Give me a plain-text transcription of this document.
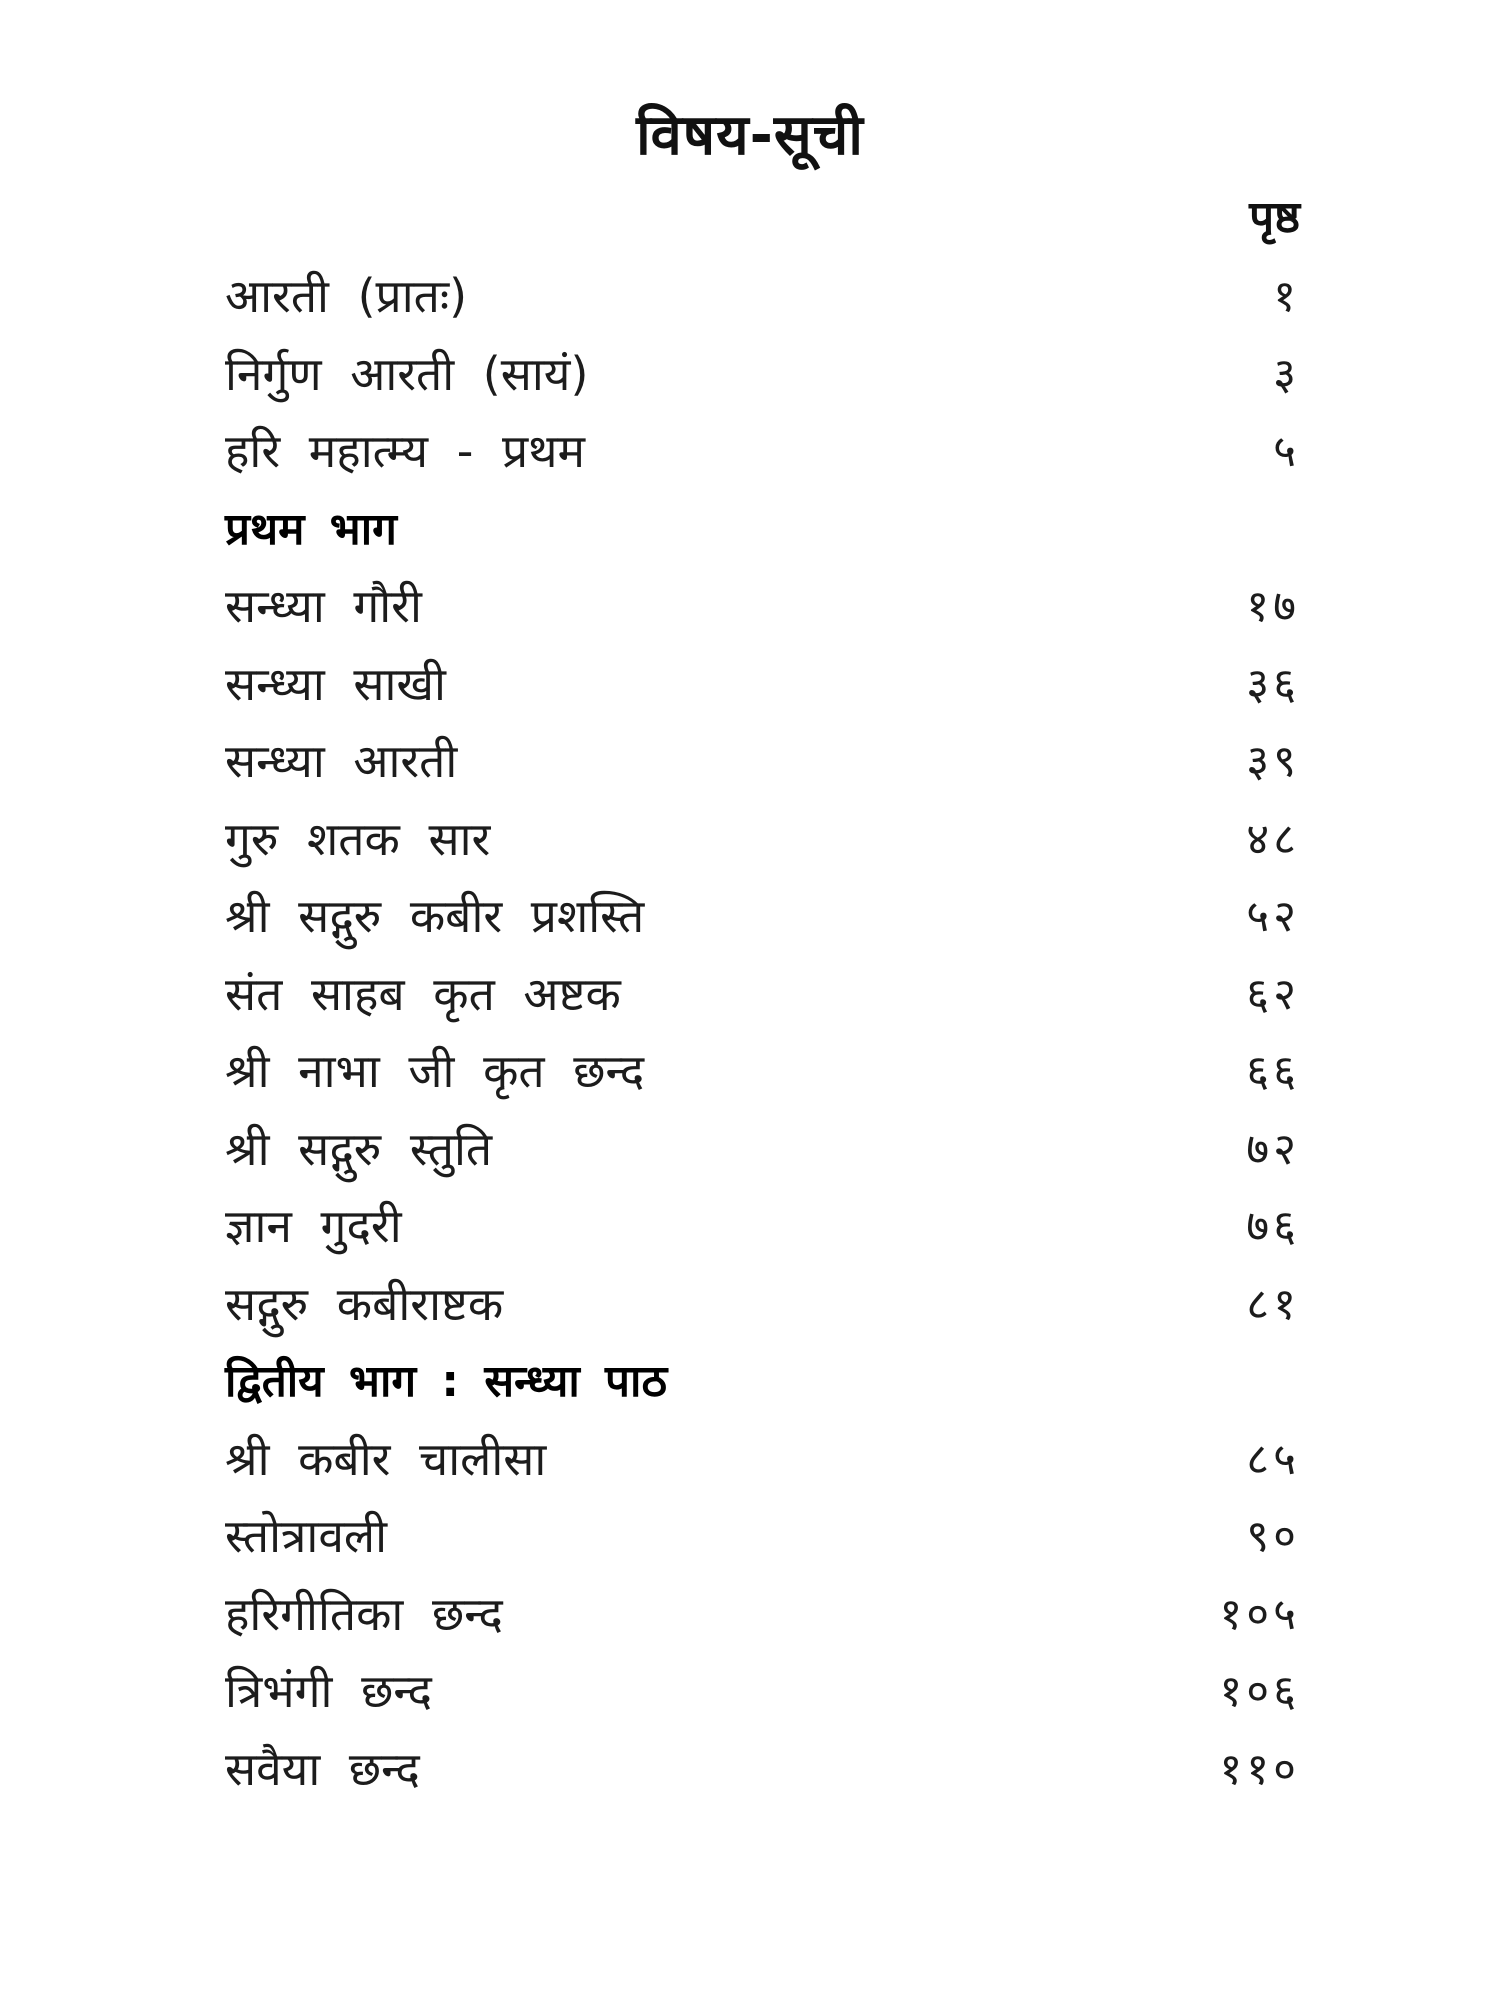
विषय-सूची
पृष्ठ
आरती (प्रातः)	१
निर्गुण आरती (सायं)	३
हरि महात्म्य - प्रथम	५
प्रथम भाग
सन्ध्या गौरी	१७
सन्ध्या साखी	३६
सन्ध्या आरती	३९
गुरु शतक सार	४८
श्री सद्गुरु कबीर प्रशस्ति	५२
संत साहब कृत अष्टक	६२
श्री नाभा जी कृत छन्द	६६
श्री सद्गुरु स्तुति	७२
ज्ञान गुदरी	७६
सद्गुरु कबीराष्टक	८१
द्वितीय भाग : सन्ध्या पाठ
श्री कबीर चालीसा	८५
स्तोत्रावली	९०
हरिगीतिका छन्द	१०५
त्रिभंगी छन्द	१०६
सवैया छन्द	११०
